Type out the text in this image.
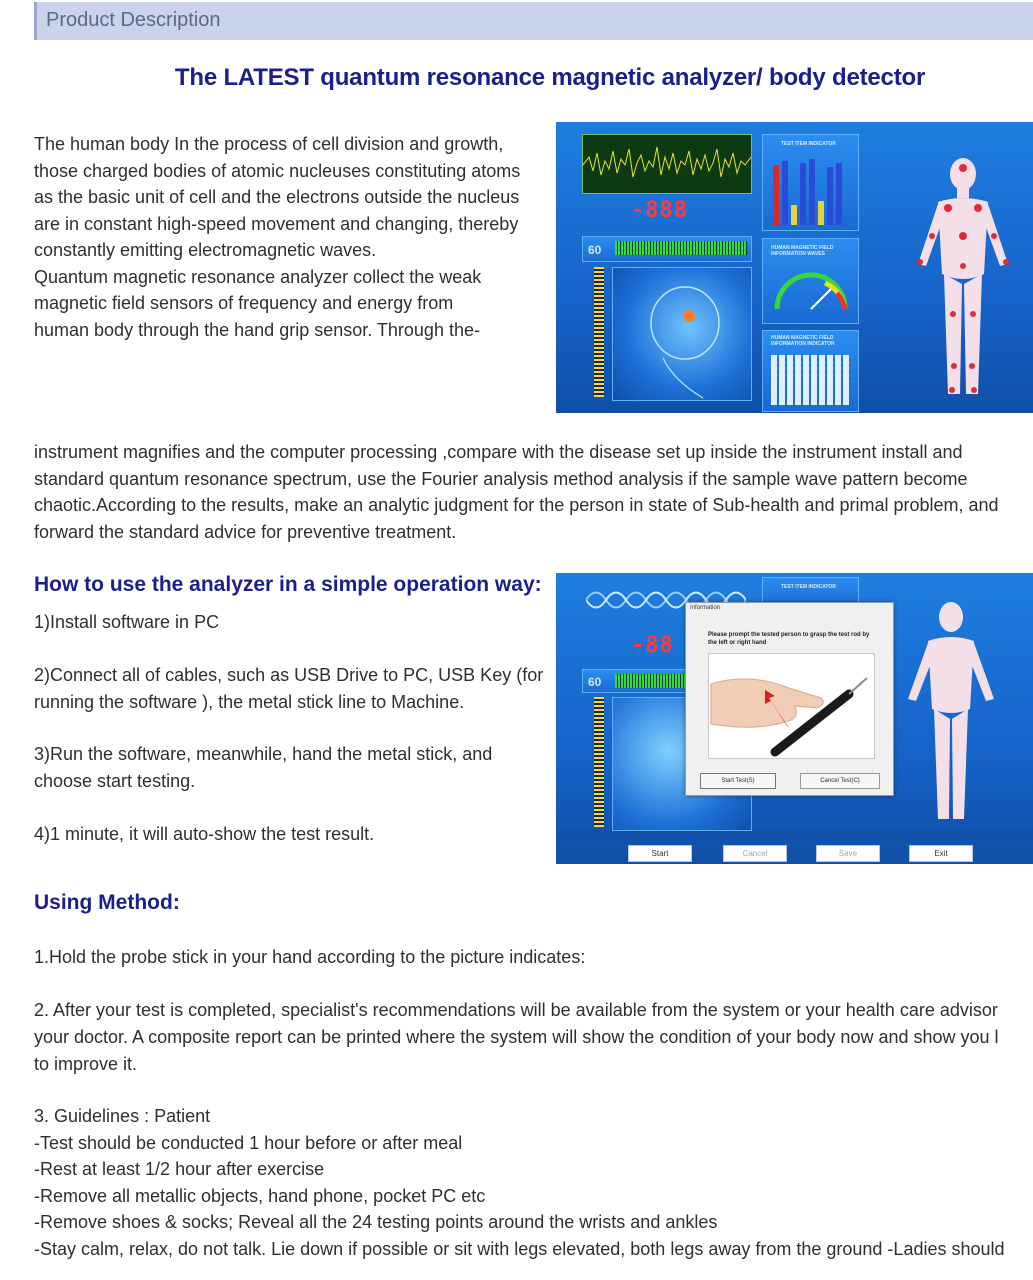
Product Description
The LATEST quantum resonance magnetic analyzer/ body detector
The human body In the process of cell division and growth,
those charged bodies of atomic nucleuses constituting atoms
as the basic unit of cell and the electrons outside the nucleus
are in constant high-speed movement and changing, thereby
constantly emitting electromagnetic waves.
Quantum magnetic resonance analyzer collect the weak
magnetic field sensors of frequency and energy from
human body through the hand grip sensor. Through the-
-888
60
TEST ITEM INDICATOR
HUMAN MAGNETIC FIELD INFORMATION WAVES
HUMAN MAGNETIC FIELD INFORMATION INDICATOR
instrument magnifies and the computer processing ,compare with the disease set up inside the instrument install and
standard quantum resonance spectrum, use the Fourier analysis method analysis if the sample wave pattern become
chaotic.According to the results, make an analytic judgment for the person in state of Sub-health and primal problem, and
forward the standard advice for preventive treatment.
How to use the analyzer in a simple operation way:
1)Install software in PC
2)Connect all of cables, such as USB Drive to PC, USB Key (for
running the software ), the metal stick line to Machine.
3)Run the software, meanwhile, hand the metal stick, and
choose start testing.
4)1 minute, it will auto-show the test result.
-88
60
TEST ITEM INDICATOR
Information
Please prompt the tested person to grasp the test rod by the left or right hand
Start Test(S)	Cancel Test(C)
Start	Cancel	Save	Exit
Using Method:
1.Hold the probe stick in your hand according to the picture indicates:
2. After your test is completed, specialist's recommendations will be available from the system or your health care advisor
your doctor. A composite report can be printed where the system will show the condition of your body now and show you l
to improve it.
3. Guidelines : Patient
-Test should be conducted 1 hour before or after meal
-Rest at least 1/2 hour after exercise
-Remove all metallic objects, hand phone, pocket PC etc
-Remove shoes & socks; Reveal all the 24 testing points around the wrists and ankles
-Stay calm, relax, do not talk. Lie down if possible or sit with legs elevated, both legs away from the ground -Ladies should
